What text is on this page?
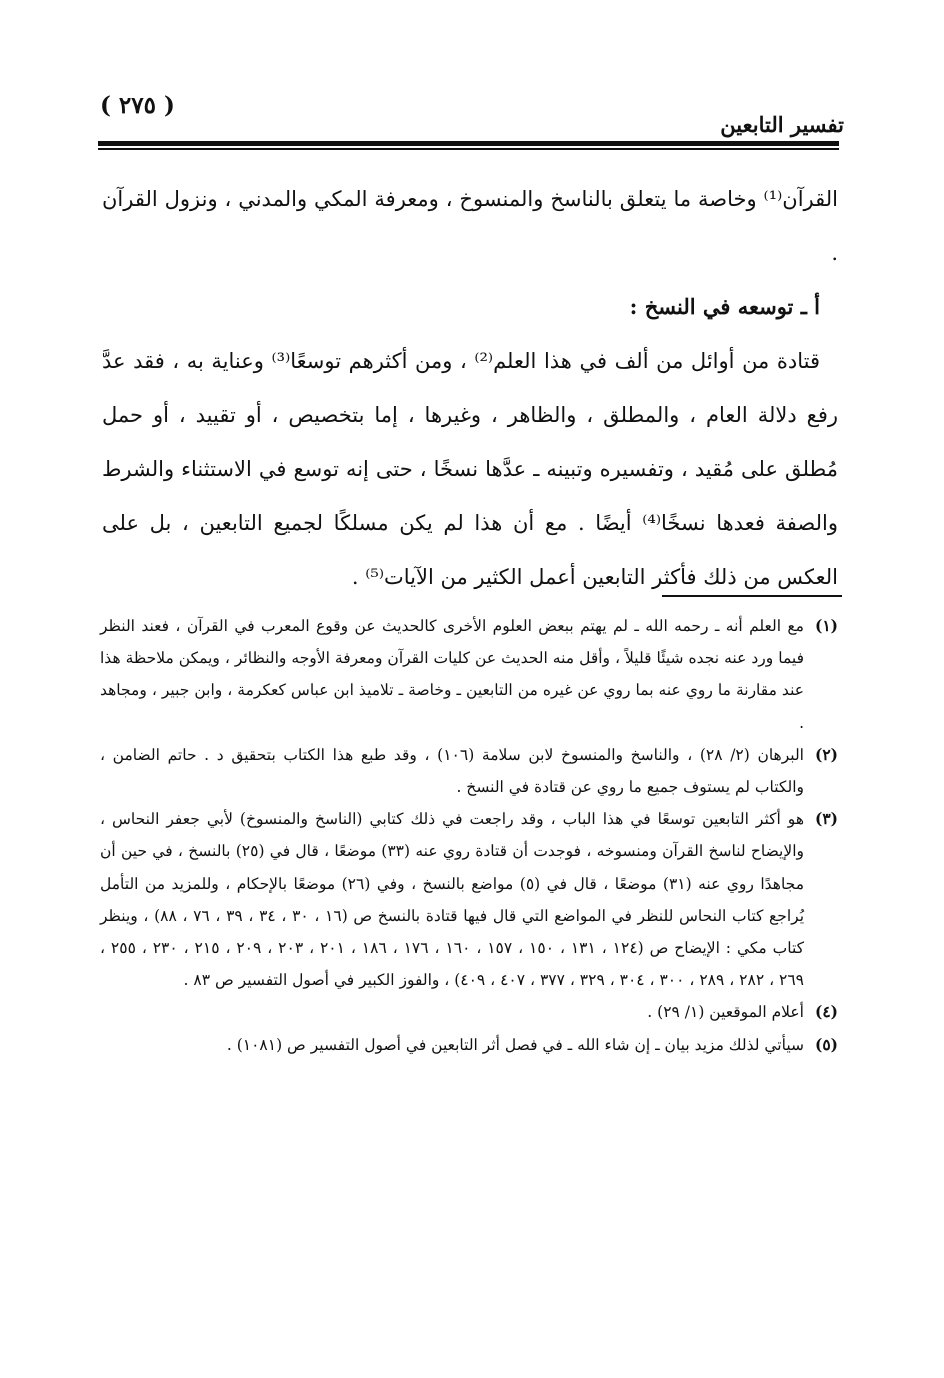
( ٢٧٥ )
تفسير التابعين

القرآن⁽¹⁾ وخاصة ما يتعلق بالناسخ والمنسوخ ، ومعرفة المكي والمدني ، ونزول القرآن .

أ ـ توسعه في النسخ :

قتادة من أوائل من ألف في هذا العلم⁽²⁾ ، ومن أكثرهم توسعًا⁽³⁾ وعناية به ، فقد عدَّ رفع دلالة العام ، والمطلق ، والظاهر ، وغيرها ، إما بتخصيص ، أو تقييد ، أو حمل مُطلق على مُقيد ، وتفسيره وتبينه ـ عدَّها نسخًا ، حتى إنه توسع في الاستثناء والشرط والصفة فعدها نسخًا⁽⁴⁾ أيضًا . مع أن هذا لم يكن مسلكًا لجميع التابعين ، بل على العكس من ذلك فأكثر التابعين أعمل الكثير من الآيات⁽⁵⁾ .

(١)
مع العلم أنه ـ رحمه الله ـ لم يهتم ببعض العلوم الأخرى كالحديث عن وقوع المعرب في القرآن ، فعند النظر فيما ورد عنه نجده شيئًا قليلاً ، وأقل منه الحديث عن كليات القرآن ومعرفة الأوجه والنظائر ، ويمكن ملاحظة هذا عند مقارنة ما روي عنه بما روي عن غيره من التابعين ـ وخاصة ـ تلاميذ ابن عباس كعكرمة ، وابن جبير ، ومجاهد .
(٢)
البرهان (٢/ ٢٨) ، والناسخ والمنسوخ لابن سلامة (١٠٦) ، وقد طبع هذا الكتاب بتحقيق د . حاتم الضامن ، والكتاب لم يستوف جميع ما روي عن قتادة في النسخ .
(٣)
هو أكثر التابعين توسعًا في هذا الباب ، وقد راجعت في ذلك كتابي (الناسخ والمنسوخ) لأبي جعفر النحاس ، والإيضاح لناسخ القرآن ومنسوخه ، فوجدت أن قتادة روي عنه (٣٣) موضعًا ، قال في (٢٥) بالنسخ ، في حين أن مجاهدًا روي عنه (٣١) موضعًا ، قال في (٥) مواضع بالنسخ ، وفي (٢٦) موضعًا بالإحكام ، وللمزيد من التأمل يُراجع كتاب النحاس للنظر في المواضع التي قال فيها قتادة بالنسخ ص (١٦ ، ٣٠ ، ٣٤ ، ٣٩ ، ٧٦ ، ٨٨) ، وينظر كتاب مكي : الإيضاح ص (١٢٤ ، ١٣١ ، ١٥٠ ، ١٥٧ ، ١٦٠ ، ١٧٦ ، ١٨٦ ، ٢٠١ ، ٢٠٣ ، ٢٠٩ ، ٢١٥ ، ٢٣٠ ، ٢٥٥ ، ٢٦٩ ، ٢٨٢ ، ٢٨٩ ، ٣٠٠ ، ٣٠٤ ، ٣٢٩ ، ٣٧٧ ، ٤٠٧ ، ٤٠٩) ، والفوز الكبير في أصول التفسير ص ٨٣ .
(٤)
أعلام الموقعين (١/ ٢٩) .
(٥)
سيأتي لذلك مزيد بيان ـ إن شاء الله ـ في فصل أثر التابعين في أصول التفسير ص (١٠٨١) .
